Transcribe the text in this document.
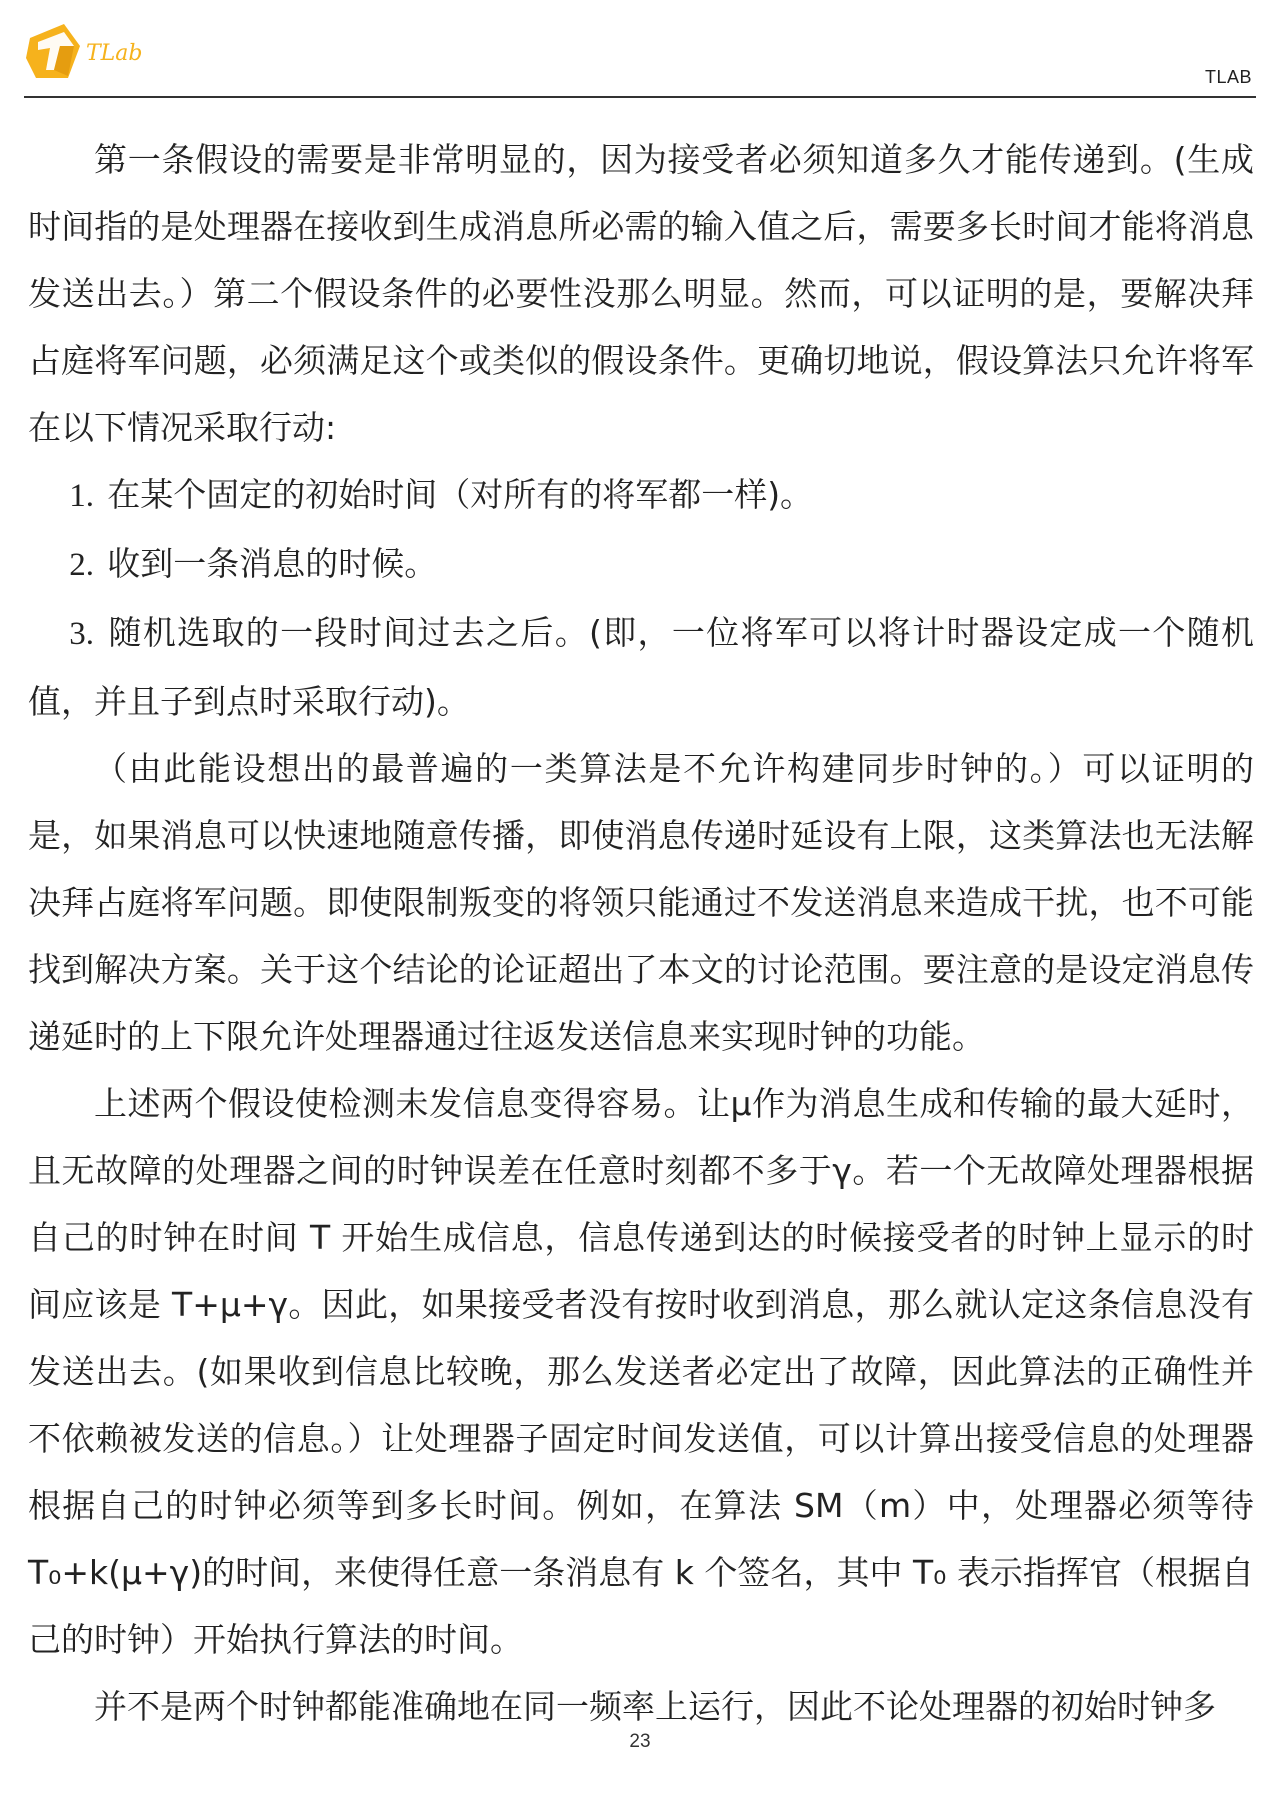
TLab
TLAB

第一条假设的需要是非常明显的，因为接受者必须知道多久才能传递到。(生成时间指的是处理器在接收到生成消息所必需的输入值之后，需要多长时间才能将消息发送出去。）第二个假设条件的必要性没那么明显。然而，可以证明的是，要解决拜占庭将军问题，必须满足这个或类似的假设条件。更确切地说，假设算法只允许将军在以下情况采取行动:

1. 在某个固定的初始时间（对所有的将军都一样)。

2. 收到一条消息的时候。

3. 随机选取的一段时间过去之后。(即，一位将军可以将计时器设定成一个随机值，并且子到点时采取行动)。

（由此能设想出的最普遍的一类算法是不允许构建同步时钟的。）可以证明的是，如果消息可以快速地随意传播，即使消息传递时延设有上限，这类算法也无法解决拜占庭将军问题。即使限制叛变的将领只能通过不发送消息来造成干扰，也不可能找到解决方案。关于这个结论的论证超出了本文的讨论范围。要注意的是设定消息传递延时的上下限允许处理器通过往返发送信息来实现时钟的功能。

上述两个假设使检测未发信息变得容易。让μ作为消息生成和传输的最大延时，且无故障的处理器之间的时钟误差在任意时刻都不多于γ。若一个无故障处理器根据自己的时钟在时间 T 开始生成信息，信息传递到达的时候接受者的时钟上显示的时间应该是 T+μ+γ。因此，如果接受者没有按时收到消息，那么就认定这条信息没有发送出去。(如果收到信息比较晚，那么发送者必定出了故障，因此算法的正确性并不依赖被发送的信息。）让处理器子固定时间发送值，可以计算出接受信息的处理器根据自己的时钟必须等到多长时间。例如，在算法 SM（m）中，处理器必须等待 T₀+k(μ+γ)的时间，来使得任意一条消息有 k 个签名，其中 T₀ 表示指挥官（根据自己的时钟）开始执行算法的时间。

并不是两个时钟都能准确地在同一频率上运行，因此不论处理器的初始时钟多

23
